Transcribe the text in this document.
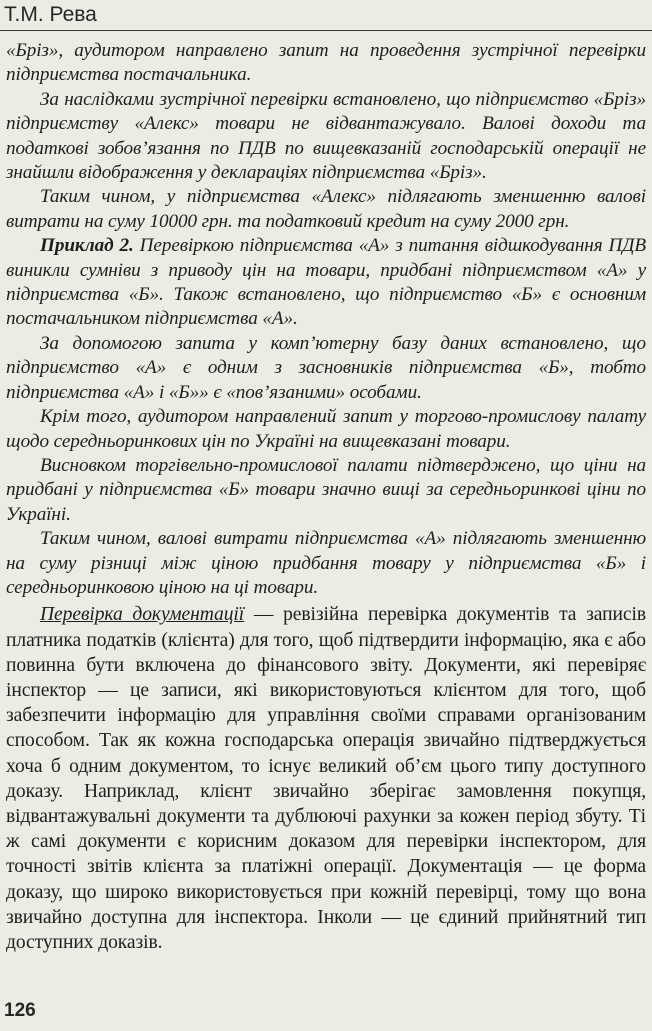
Т.М. Рева

«Бріз», аудитором направлено запит на проведення зустрічної перевірки підприємства постачальника.

За наслідками зустрічної перевірки встановлено, що підприємство «Бріз» підприємству «Алекс» товари не відвантажувало. Валові доходи та податкові зобов’язання по ПДВ по вищевказаній господарській операції не знайшли відображення у деклараціях підприємства «Бріз».

Таким чином, у підприємства «Алекс» підлягають зменшенню валові витрати на суму 10000 грн. та податковий кредит на суму 2000 грн.

Приклад 2. Перевіркою підприємства «А» з питання відшкодування ПДВ виникли сумніви з приводу цін на товари, придбані підприємством «А» у підприємства «Б». Також встановлено, що підприємство «Б» є основним постачальником підприємства «А».

За допомогою запита у комп’ютерну базу даних встановлено, що підприємство «А» є одним з засновників підприємства «Б», тобто підприємства «А» і «Б»» є «пов’язаними» особами.

Крім того, аудитором направлений запит у торгово-промислову палату щодо середньоринкових цін по Україні на вищевказані товари.

Висновком торгівельно-промислової палати підтверджено, що ціни на придбані у підприємства «Б» товари значно вищі за середньоринкові ціни по Україні.

Таким чином, валові витрати підприємства «А» підлягають зменшенню на суму різниці між ціною придбання товару у підприємства «Б» і середньоринковою ціною на ці товари.

Перевірка документації — ревізійна перевірка документів та записів платника податків (клієнта) для того, щоб підтвердити інформацію, яка є або повинна бути включена до фінансового звіту. Документи, які перевіряє інспектор — це записи, які використовуються клієнтом для того, щоб забезпечити інформацію для управління своїми справами організованим способом. Так як кожна господарська операція звичайно підтверджується хоча б одним документом, то існує великий об’єм цього типу доступного доказу. Наприклад, клієнт звичайно зберігає замовлення покупця, відвантажувальні документи та дублюючі рахунки за кожен період збуту. Ті ж самі документи є корисним доказом для перевірки інспектором, для точності звітів клієнта за платіжні операції. Документація — це форма доказу, що широко використовується при кожній перевірці, тому що вона звичайно доступна для інспектора. Інколи — це єдиний прийнятний тип доступних доказів.

126
